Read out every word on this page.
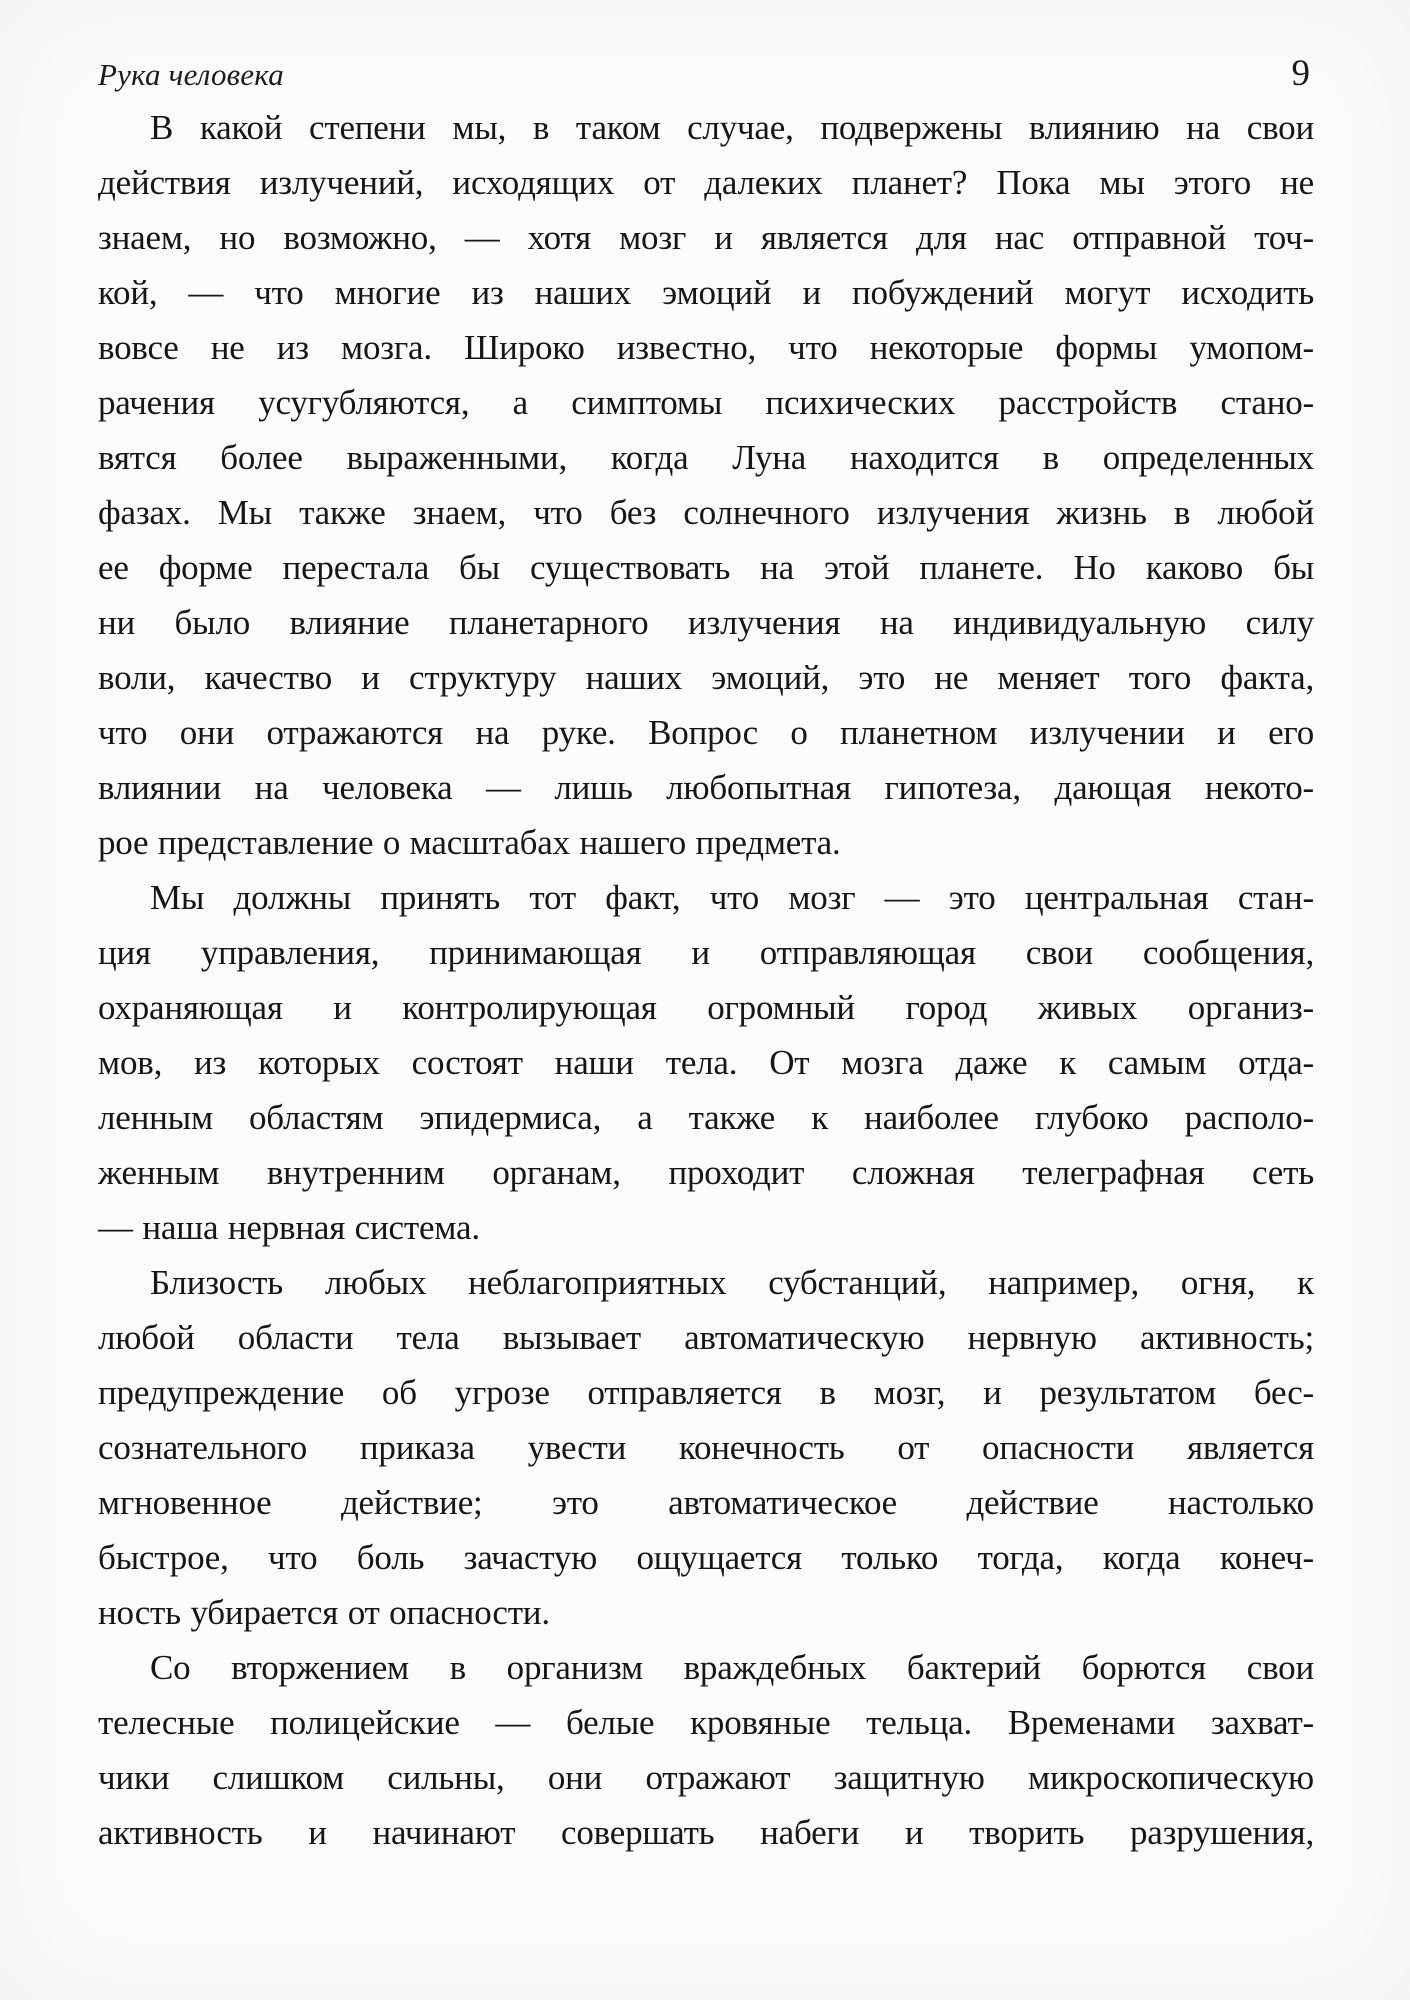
Рука человека	9
В какой степени мы, в таком случае, подвержены влиянию на свои
действия излучений, исходящих от далеких планет? Пока мы этого не
знаем, но возможно, — хотя мозг и является для нас отправной точ-
кой, — что многие из наших эмоций и побуждений могут исходить
вовсе не из мозга. Широко известно, что некоторые формы умопом-
рачения усугубляются, а симптомы психических расстройств стано-
вятся более выраженными, когда Луна находится в определенных
фазах. Мы также знаем, что без солнечного излучения жизнь в любой
ее форме перестала бы существовать на этой планете. Но каково бы
ни было влияние планетарного излучения на индивидуальную силу
воли, качество и структуру наших эмоций, это не меняет того факта,
что они отражаются на руке. Вопрос о планетном излучении и его
влиянии на человека — лишь любопытная гипотеза, дающая некото-
рое представление о масштабах нашего предмета.
Мы должны принять тот факт, что мозг — это центральная стан-
ция управления, принимающая и отправляющая свои сообщения,
охраняющая и контролирующая огромный город живых организ-
мов, из которых состоят наши тела. От мозга даже к самым отда-
ленным областям эпидермиса, а также к наиболее глубоко располо-
женным внутренним органам, проходит сложная телеграфная сеть
— наша нервная система.
Близость любых неблагоприятных субстанций, например, огня, к
любой области тела вызывает автоматическую нервную активность;
предупреждение об угрозе отправляется в мозг, и результатом бес-
сознательного приказа увести конечность от опасности является
мгновенное действие; это автоматическое действие настолько
быстрое, что боль зачастую ощущается только тогда, когда конеч-
ность убирается от опасности.
Со вторжением в организм враждебных бактерий борются свои
телесные полицейские — белые кровяные тельца. Временами захват-
чики слишком сильны, они отражают защитную микроскопическую
активность и начинают совершать набеги и творить разрушения,
